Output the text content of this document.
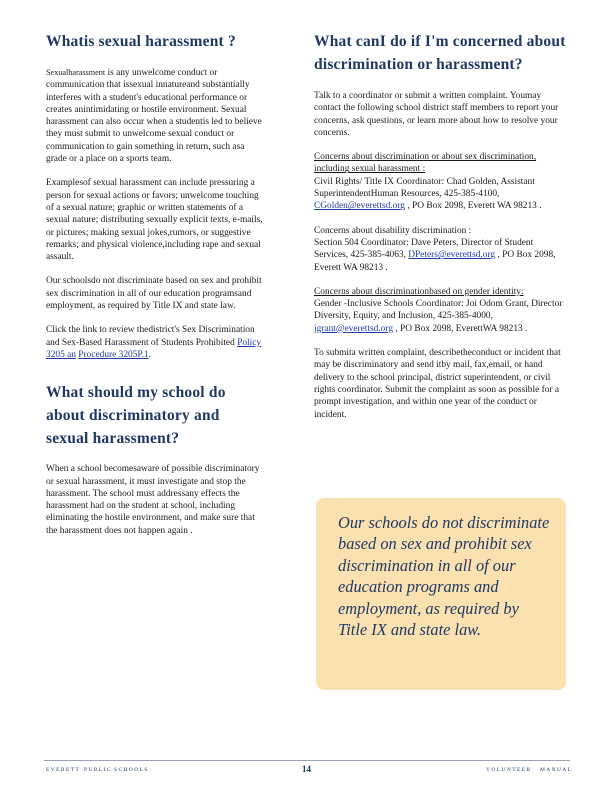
Whatis sexual harassment ?

Sexualharassment is any unwelcome conduct or communication that issexual innatureand substantially interferes with a student's educational performance or creates anintimidating or hostile environment. Sexual harassment can also occur when a studentis led to believe they must submit to unwelcome sexual conduct or communication to gain something in return, such asa grade or a place on a sports team.

Examplesof sexual harassment can include pressuring a person for sexual actions or favors; unwelcome touching of a sexual nature; graphic or written statements of a sexual nature; distributing sexually explicit texts, e-mails, or pictures; making sexual jokes,rumors, or suggestive remarks; and physical violence,including rape and sexual assault.

Our schoolsdo not discriminate based on sex and prohibit sex discrimination in all of our education programsand employment, as required by Title IX and state law.

Click the link to review thedistrict's Sex Discrimination and Sex-Based Harassment of Students Prohibited Policy 3205 an Procedure 3205P.1.

What should my school do about discriminatory and sexual harassment?

When a school becomesaware of possible discriminatory or sexual harassment, it must investigate and stop the harassment. The school must addressany effects the harassment had on the student at school, including eliminating the hostile environment, and make sure that the harassment does not happen again .

What canI do if I'm concerned about discrimination or harassment?

Talk to a coordinator or submit a written complaint. Youmay contact the following school district staff members to report your concerns, ask questions, or learn more about how to resolve your concerns.

Concerns about discrimination or about sex discrimination, including sexual harassment :
Civil Rights/ Title IX Coordinator: Chad Golden, Assistant SuperintendentHuman Resources, 425-385-4100, CGolden@everettsd.org , PO Box 2098, Everett WA 98213 .

Concerns about disability discrimination :
Section 504 Coordinator: Dave Peters, Director of Student Services, 425-385-4063, DPeters@everettsd.org , PO Box 2098, Everett WA 98213 .

Concerns about discriminationbased on gender identity:
Gender -Inclusive Schools Coordinator: Joi Odom Grant, Director Diversity, Equity, and Inclusion, 425-385-4000, jgrant@everettsd.org , PO Box 2098, EverettWA 98213 .

To submita written complaint, describetheconduct or incident that may be discriminatory and send itby mail, fax,email, or hand delivery to the school principal, district superintendent, or civil rights coordinator. Submit the complaint as soon as possible for a prompt investigation, and within one year of the conduct or incident.

Our schools do not discriminate based on sex and prohibit sex discrimination in all of our education programs and employment, as required by Title IX and state law.
EVERETT PUBLIC SCHOOLS	14	VOLUNTEER MANUAL
